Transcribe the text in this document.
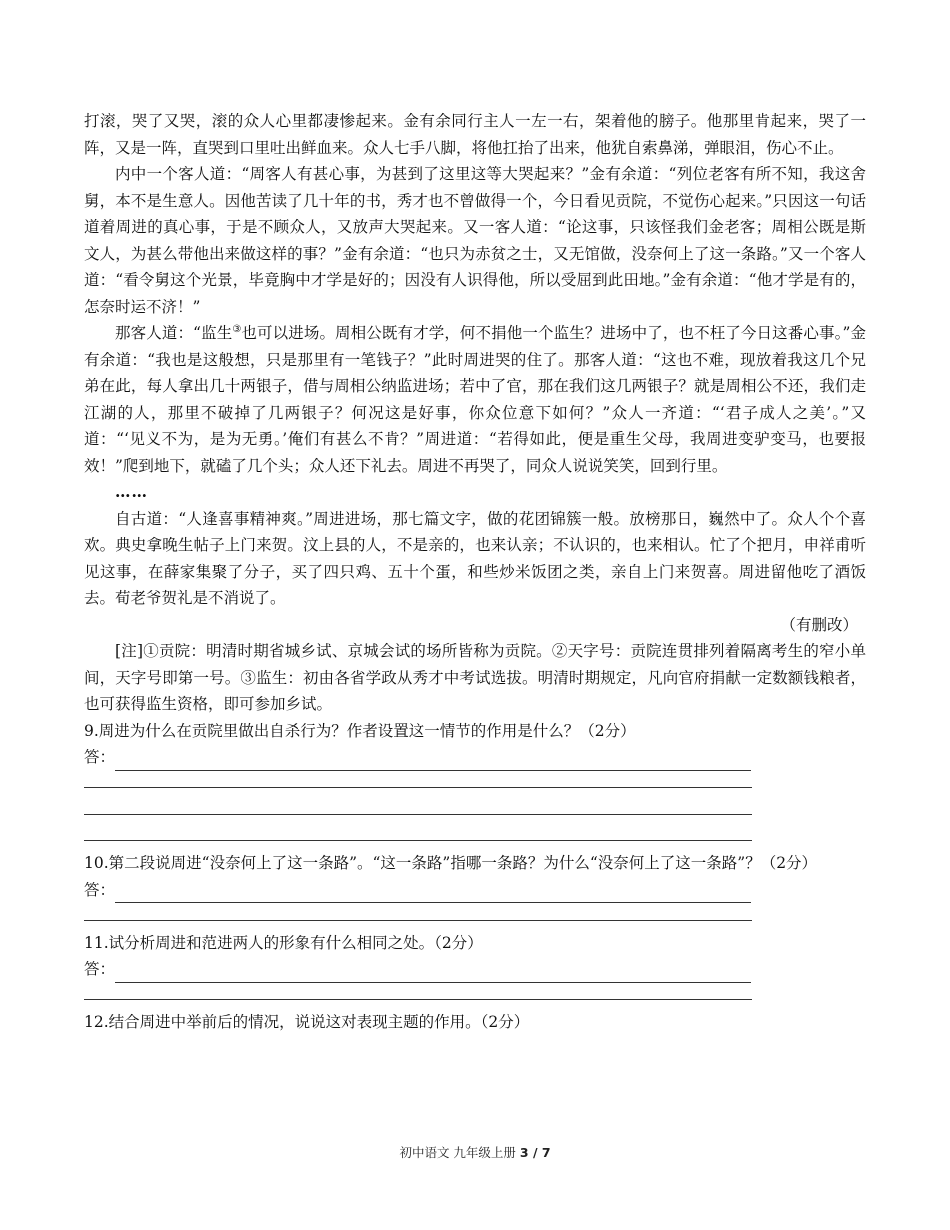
打滚，哭了又哭，滚的众人心里都凄惨起来。金有余同行主人一左一右，架着他的膀子。他那里肯起来，哭了一阵，又是一阵，直哭到口里吐出鲜血来。众人七手八脚，将他扛抬了出来，他犹自索鼻涕，弹眼泪，伤心不止。

内中一个客人道：“周客人有甚心事，为甚到了这里这等大哭起来？”金有余道：“列位老客有所不知，我这舍舅，本不是生意人。因他苦读了几十年的书，秀才也不曾做得一个，今日看见贡院，不觉伤心起来。”只因这一句话道着周进的真心事，于是不顾众人，又放声大哭起来。又一客人道：“论这事，只该怪我们金老客；周相公既是斯文人，为甚么带他出来做这样的事？”金有余道：“也只为赤贫之士，又无馆做，没奈何上了这一条路。”又一个客人道：“看令舅这个光景，毕竟胸中才学是好的；因没有人识得他，所以受屈到此田地。”金有余道：“他才学是有的，怎奈时运不济！”

那客人道：“监生③也可以进场。周相公既有才学，何不捐他一个监生？进场中了，也不枉了今日这番心事。”金有余道：“我也是这般想，只是那里有一笔钱子？”此时周进哭的住了。那客人道：“这也不难，现放着我这几个兄弟在此，每人拿出几十两银子，借与周相公纳监进场；若中了官，那在我们这几两银子？就是周相公不还，我们走江湖的人，那里不破掉了几两银子？何况这是好事，你众位意下如何？”众人一齐道：“‘君子成人之美’。”又道：“‘见义不为，是为无勇。’俺们有甚么不肯？”周进道：“若得如此，便是重生父母，我周进变驴变马，也要报效！”爬到地下，就磕了几个头；众人还下礼去。周进不再哭了，同众人说说笑笑，回到行里。

……

自古道：“人逢喜事精神爽。”周进进场，那七篇文字，做的花团锦簇一般。放榜那日，巍然中了。众人个个喜欢。典史拿晚生帖子上门来贺。汶上县的人，不是亲的，也来认亲；不认识的，也来相认。忙了个把月，申祥甫听见这事，在薛家集聚了分子，买了四只鸡、五十个蛋，和些炒米饭团之类，亲自上门来贺喜。周进留他吃了酒饭去。荀老爷贺礼是不消说了。

（有删改）

[注]①贡院：明清时期省城乡试、京城会试的场所皆称为贡院。②天字号：贡院连贯排列着隔离考生的窄小单间，天字号即第一号。③监生：初由各省学政从秀才中考试选拔。明清时期规定，凡向官府捐献一定数额钱粮者，也可获得监生资格，即可参加乡试。

9.周进为什么在贡院里做出自杀行为？作者设置这一情节的作用是什么？（2分）

答：

10.第二段说周进“没奈何上了这一条路”。“这一条路”指哪一条路？为什么“没奈何上了这一条路”？（2分）

答：

11.试分析周进和范进两人的形象有什么相同之处。（2分）

答：

12.结合周进中举前后的情况，说说这对表现主题的作用。（2分）

初中语文 九年级上册 3 / 7
